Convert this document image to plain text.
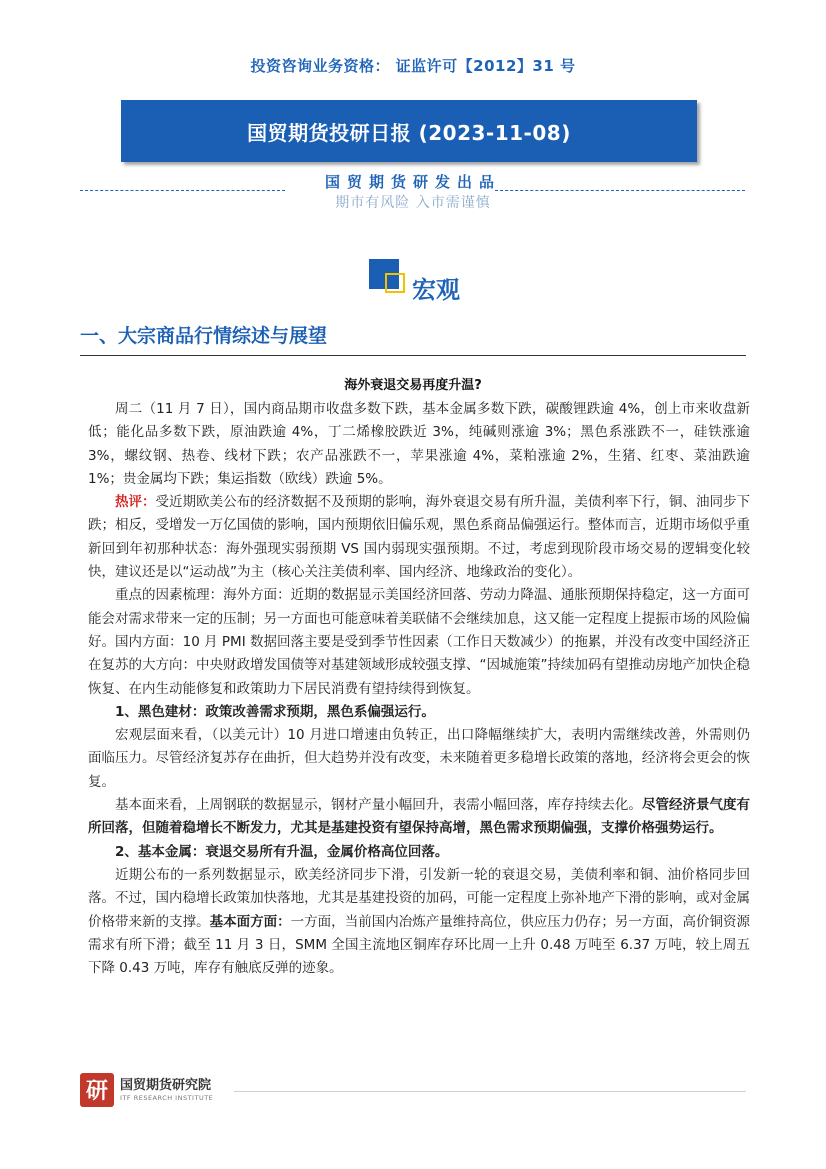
投资咨询业务资格： 证监许可【2012】31 号
国贸期货投研日报 (2023-11-08)
国贸期货研发出品
期市有风险 入市需谨慎
宏观
一、大宗商品行情综述与展望
海外衰退交易再度升温?

周二（11 月 7 日），国内商品期市收盘多数下跌，基本金属多数下跌，碳酸锂跌逾 4%，创上市来收盘新低；能化品多数下跌，原油跌逾 4%，丁二烯橡胶跌近 3%，纯碱则涨逾 3%；黑色系涨跌不一，硅铁涨逾 3%，螺纹钢、热卷、线材下跌；农产品涨跌不一，苹果涨逾 4%，菜粕涨逾 2%，生猪、红枣、菜油跌逾 1%；贵金属均下跌；集运指数（欧线）跌逾 5%。

热评：受近期欧美公布的经济数据不及预期的影响，海外衰退交易有所升温，美债利率下行，铜、油同步下跌；相反，受增发一万亿国债的影响，国内预期依旧偏乐观，黑色系商品偏强运行。整体而言，近期市场似乎重新回到年初那种状态：海外强现实弱预期 VS 国内弱现实强预期。不过，考虑到现阶段市场交易的逻辑变化较快，建议还是以“运动战”为主（核心关注美债利率、国内经济、地缘政治的变化）。

重点的因素梳理：海外方面：近期的数据显示美国经济回落、劳动力降温、通胀预期保持稳定，这一方面可能会对需求带来一定的压制；另一方面也可能意味着美联储不会继续加息，这又能一定程度上提振市场的风险偏好。国内方面：10 月 PMI 数据回落主要是受到季节性因素（工作日天数减少）的拖累，并没有改变中国经济正在复苏的大方向：中央财政增发国债等对基建领域形成较强支撑、“因城施策”持续加码有望推动房地产加快企稳恢复、在内生动能修复和政策助力下居民消费有望持续得到恢复。

1、黑色建材：政策改善需求预期，黑色系偏强运行。

宏观层面来看，（以美元计）10 月进口增速由负转正，出口降幅继续扩大，表明内需继续改善，外需则仍面临压力。尽管经济复苏存在曲折，但大趋势并没有改变，未来随着更多稳增长政策的落地，经济将会更会的恢复。

基本面来看，上周钢联的数据显示，钢材产量小幅回升，表需小幅回落，库存持续去化。尽管经济景气度有所回落，但随着稳增长不断发力，尤其是基建投资有望保持高增，黑色需求预期偏强，支撑价格强势运行。

2、基本金属：衰退交易所有升温，金属价格高位回落。

近期公布的一系列数据显示，欧美经济同步下滑，引发新一轮的衰退交易，美债利率和铜、油价格同步回落。不过，国内稳增长政策加快落地，尤其是基建投资的加码，可能一定程度上弥补地产下滑的影响，或对金属价格带来新的支撑。基本面方面：一方面，当前国内冶炼产量维持高位，供应压力仍存；另一方面，高价铜资源需求有所下滑；截至 11 月 3 日，SMM 全国主流地区铜库存环比周一上升 0.48 万吨至 6.37 万吨，较上周五下降 0.43 万吨，库存有触底反弹的迹象。

研 国贸期货研究院
ITF RESEARCH INSTITUTE
